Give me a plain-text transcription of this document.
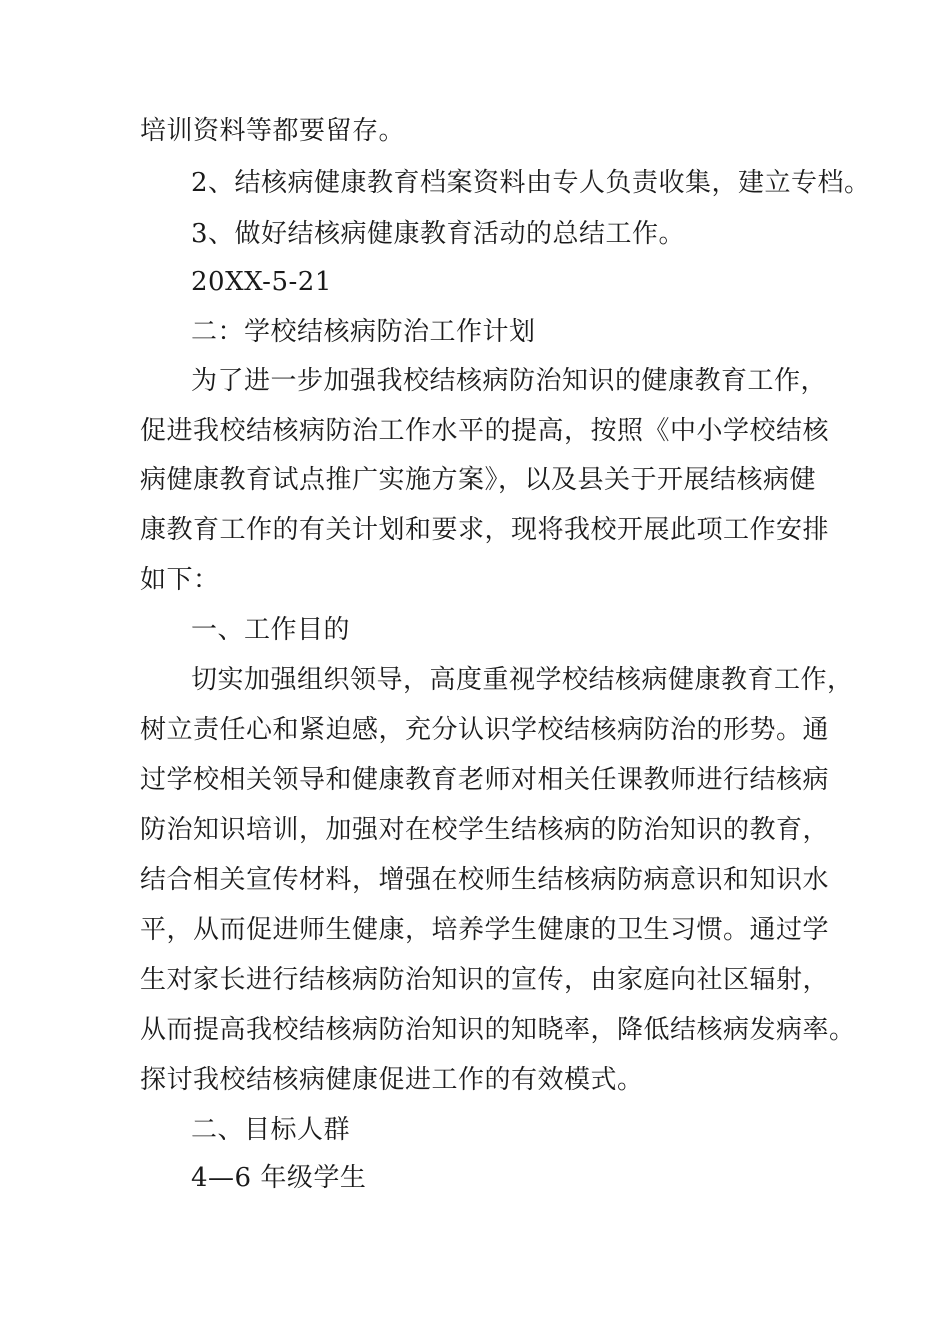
培训资料等都要留存。
2、结核病健康教育档案资料由专人负责收集，建立专档。
3、做好结核病健康教育活动的总结工作。
20XX-5-21
二：学校结核病防治工作计划
为了进一步加强我校结核病防治知识的健康教育工作，
促进我校结核病防治工作水平的提高，按照《中小学校结核
病健康教育试点推广实施方案》，以及县关于开展结核病健
康教育工作的有关计划和要求，现将我校开展此项工作安排
如下：
一、工作目的
切实加强组织领导，高度重视学校结核病健康教育工作，
树立责任心和紧迫感，充分认识学校结核病防治的形势。通
过学校相关领导和健康教育老师对相关任课教师进行结核病
防治知识培训，加强对在校学生结核病的防治知识的教育，
结合相关宣传材料，增强在校师生结核病防病意识和知识水
平，从而促进师生健康，培养学生健康的卫生习惯。通过学
生对家长进行结核病防治知识的宣传，由家庭向社区辐射，
从而提高我校结核病防治知识的知晓率，降低结核病发病率。
探讨我校结核病健康促进工作的有效模式。
二、目标人群
4—6 年级学生
